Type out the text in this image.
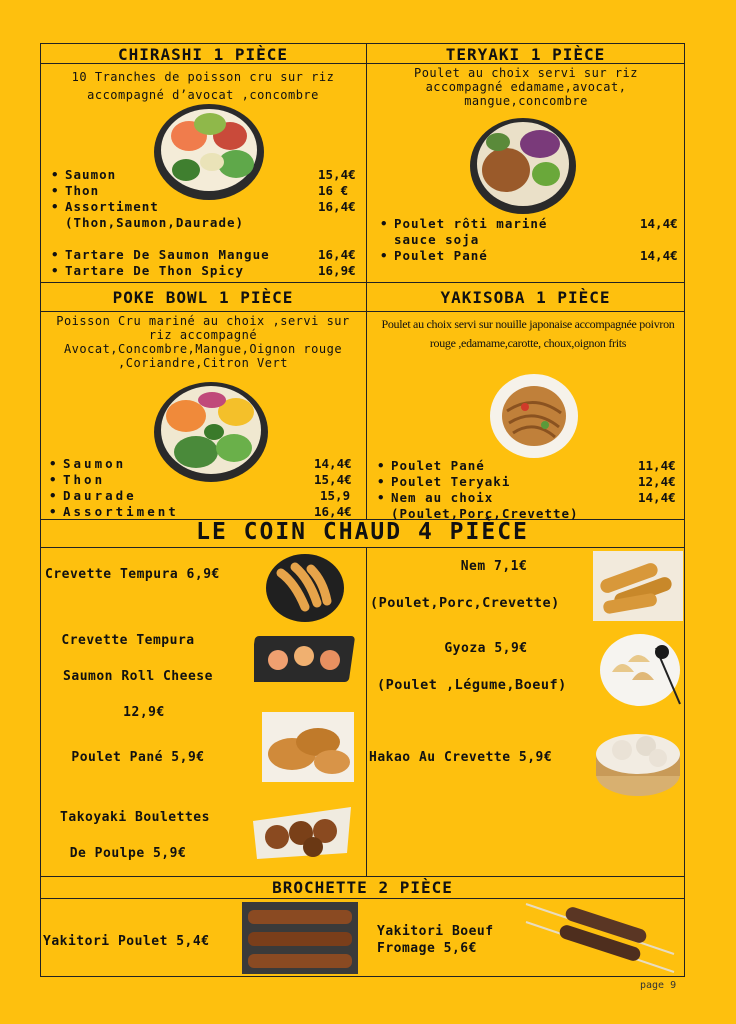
CHIRASHI 1 PIÈCE
10 Tranches de poisson cru sur riz accompagné d’avocat ,concombre
• Saumon
• Thon
• Assortiment (Thon,Saumon,Daurade)
• Tartare De Saumon Mangue
• Tartare De Thon Spicy
15,4€
16 €
16,4€
16,4€
16,9€
TERYAKI 1 PIÈCE
Poulet au choix servi sur riz accompagné edamame,avocat, mangue,concombre
• Poulet rôti mariné sauce soja
• Poulet Pané
14,4€
14,4€
POKE BOWL 1 PIÈCE
Poisson Cru mariné au choix ,servi sur riz accompagné Avocat,Concombre,Mangue,Oignon rouge ,Coriandre,Citron Vert
• Saumon
• Thon
• Daurade
• Assortiment
14,4€
15,4€
15,9
16,4€
YAKISOBA 1 PIÈCE
Poulet au choix servi sur nouille japonaise accompagnée poivron rouge ,edamame,carotte, choux,oignon frits
• Poulet Pané
• Poulet Teryaki
• Nem au choix (Poulet,Porc,Crevette)
11,4€
12,4€
14,4€
LE COIN CHAUD 4 PIÈCE
Crevette Tempura 6,9€
Crevette Tempura
Saumon Roll Cheese
12,9€
Poulet Pané 5,9€
Takoyaki Boulettes
De Poulpe 5,9€
Nem 7,1€
(Poulet,Porc,Crevette)
Gyoza 5,9€
(Poulet ,Légume,Boeuf)
Hakao Au Crevette 5,9€
BROCHETTE 2 PIÈCE
Yakitori Poulet 5,4€
Yakitori Boeuf
Fromage 5,6€
page 9
